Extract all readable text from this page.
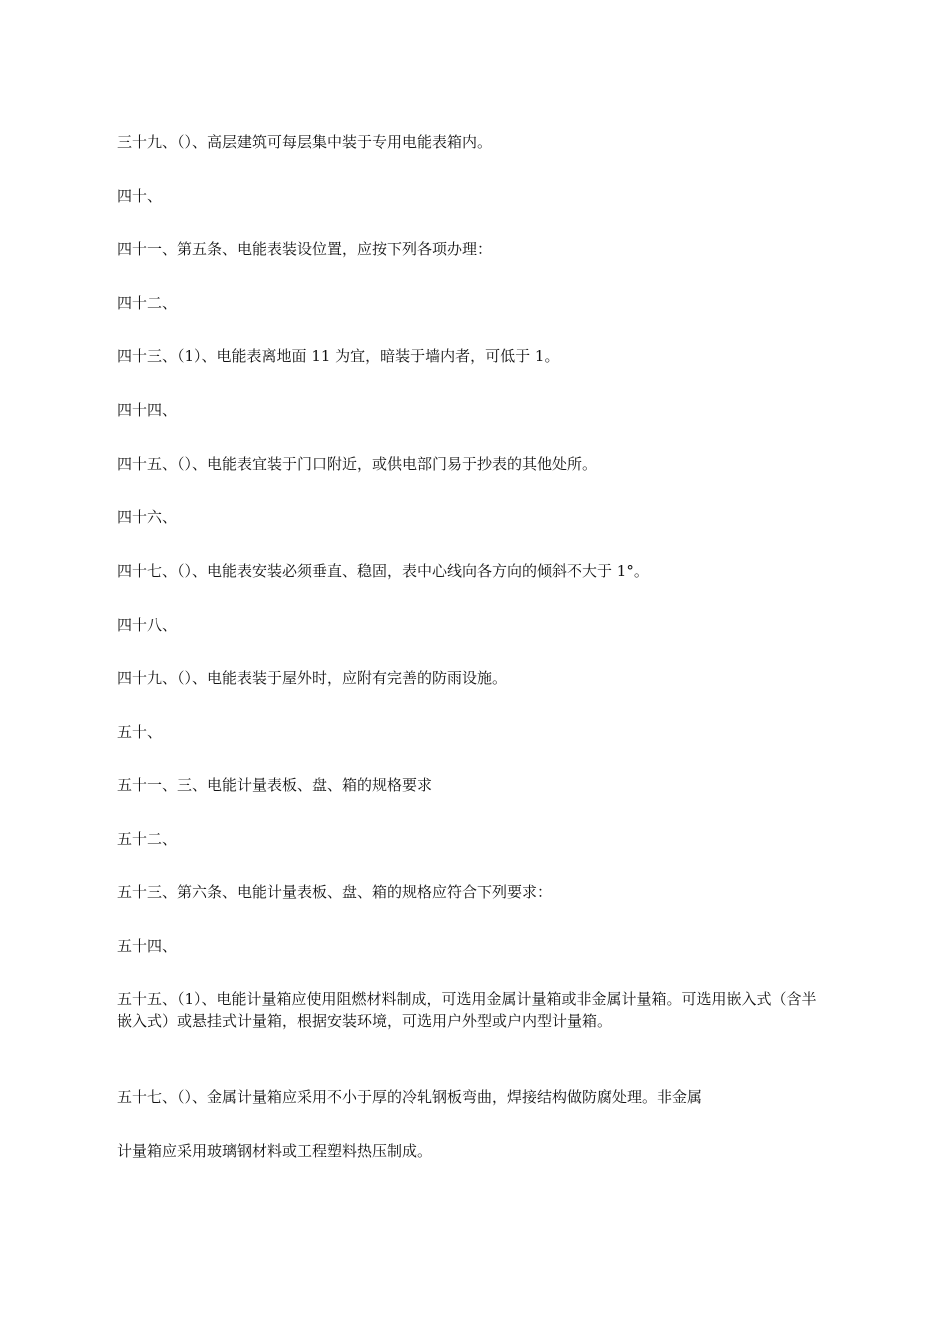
三十九、（）、高层建筑可每层集中装于专用电能表箱内。
四十、
四十一、第五条、电能表装设位置，应按下列各项办理：
四十二、
四十三、（1）、电能表离地面 11 为宜，暗装于墙内者，可低于 1。
四十四、
四十五、（）、电能表宜装于门口附近，或供电部门易于抄表的其他处所。
四十六、
四十七、（）、电能表安装必须垂直、稳固，表中心线向各方向的倾斜不大于 1°。
四十八、
四十九、（）、电能表装于屋外时，应附有完善的防雨设施。
五十、
五十一、三、电能计量表板、盘、箱的规格要求
五十二、
五十三、第六条、电能计量表板、盘、箱的规格应符合下列要求：
五十四、
五十五、（1）、电能计量箱应使用阻燃材料制成，可选用金属计量箱或非金属计量箱。可选用嵌入式（含半嵌入式）或悬挂式计量箱，根据安装环境，可选用户外型或户内型计量箱。
五十七、（）、金属计量箱应采用不小于厚的冷轧钢板弯曲，焊接结构做防腐处理。非金属
计量箱应采用玻璃钢材料或工程塑料热压制成。
